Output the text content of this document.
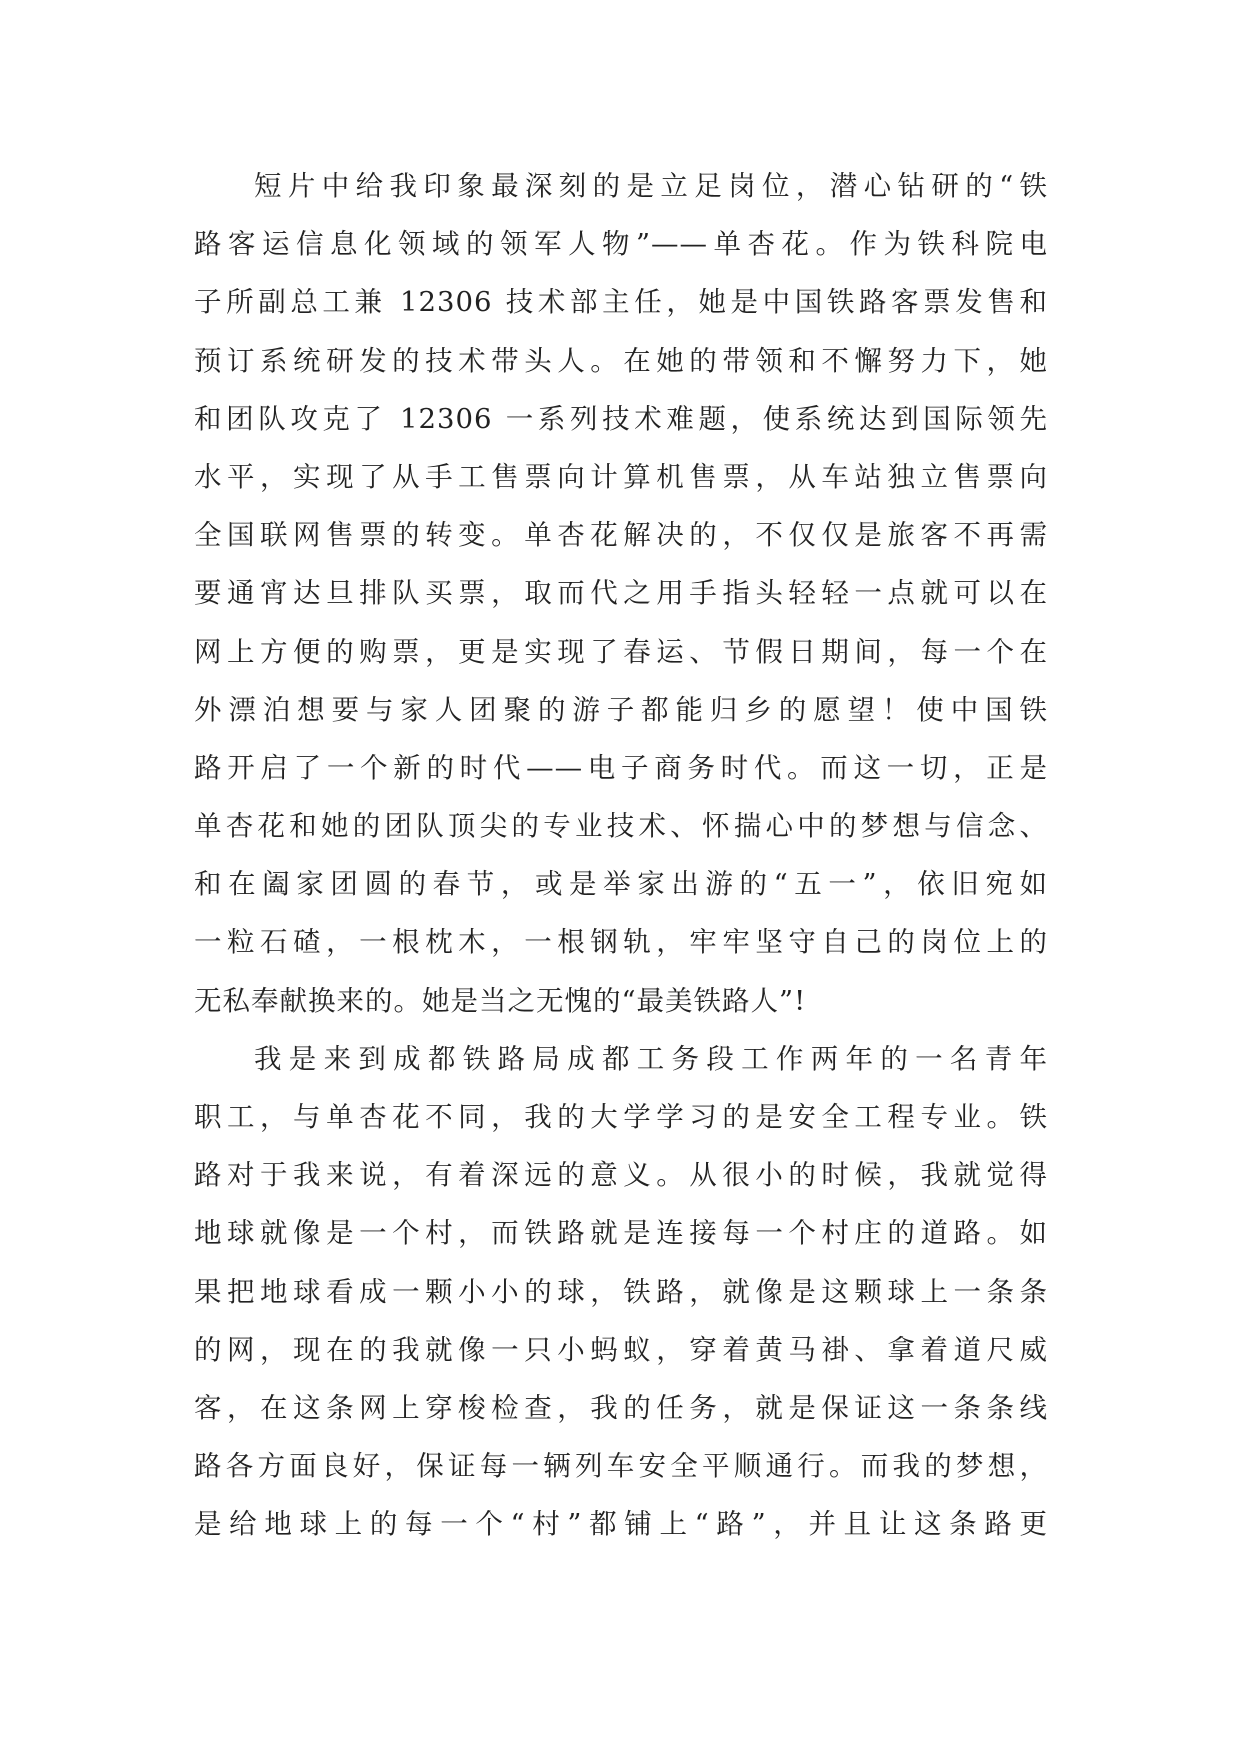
短片中给我印象最深刻的是立足岗位，潜心钻研的“铁
路客运信息化领域的领军人物”——单杏花。作为铁科院电
子所副总工兼 12306 技术部主任，她是中国铁路客票发售和
预订系统研发的技术带头人。在她的带领和不懈努力下，她
和团队攻克了 12306 一系列技术难题，使系统达到国际领先
水平，实现了从手工售票向计算机售票，从车站独立售票向
全国联网售票的转变。单杏花解决的，不仅仅是旅客不再需
要通宵达旦排队买票，取而代之用手指头轻轻一点就可以在
网上方便的购票，更是实现了春运、节假日期间，每一个在
外漂泊想要与家人团聚的游子都能归乡的愿望！使中国铁
路开启了一个新的时代——电子商务时代。而这一切，正是
单杏花和她的团队顶尖的专业技术、怀揣心中的梦想与信念、
和在阖家团圆的春节，或是举家出游的“五一”，依旧宛如
一粒石碴，一根枕木，一根钢轨，牢牢坚守自己的岗位上的
无私奉献换来的。她是当之无愧的“最美铁路人”!
我是来到成都铁路局成都工务段工作两年的一名青年
职工，与单杏花不同，我的大学学习的是安全工程专业。铁
路对于我来说，有着深远的意义。从很小的时候，我就觉得
地球就像是一个村，而铁路就是连接每一个村庄的道路。如
果把地球看成一颗小小的球，铁路，就像是这颗球上一条条
的网，现在的我就像一只小蚂蚁，穿着黄马褂、拿着道尺威
客，在这条网上穿梭检查，我的任务，就是保证这一条条线
路各方面良好，保证每一辆列车安全平顺通行。而我的梦想，
是给地球上的每一个“村”都铺上“路”，并且让这条路更
